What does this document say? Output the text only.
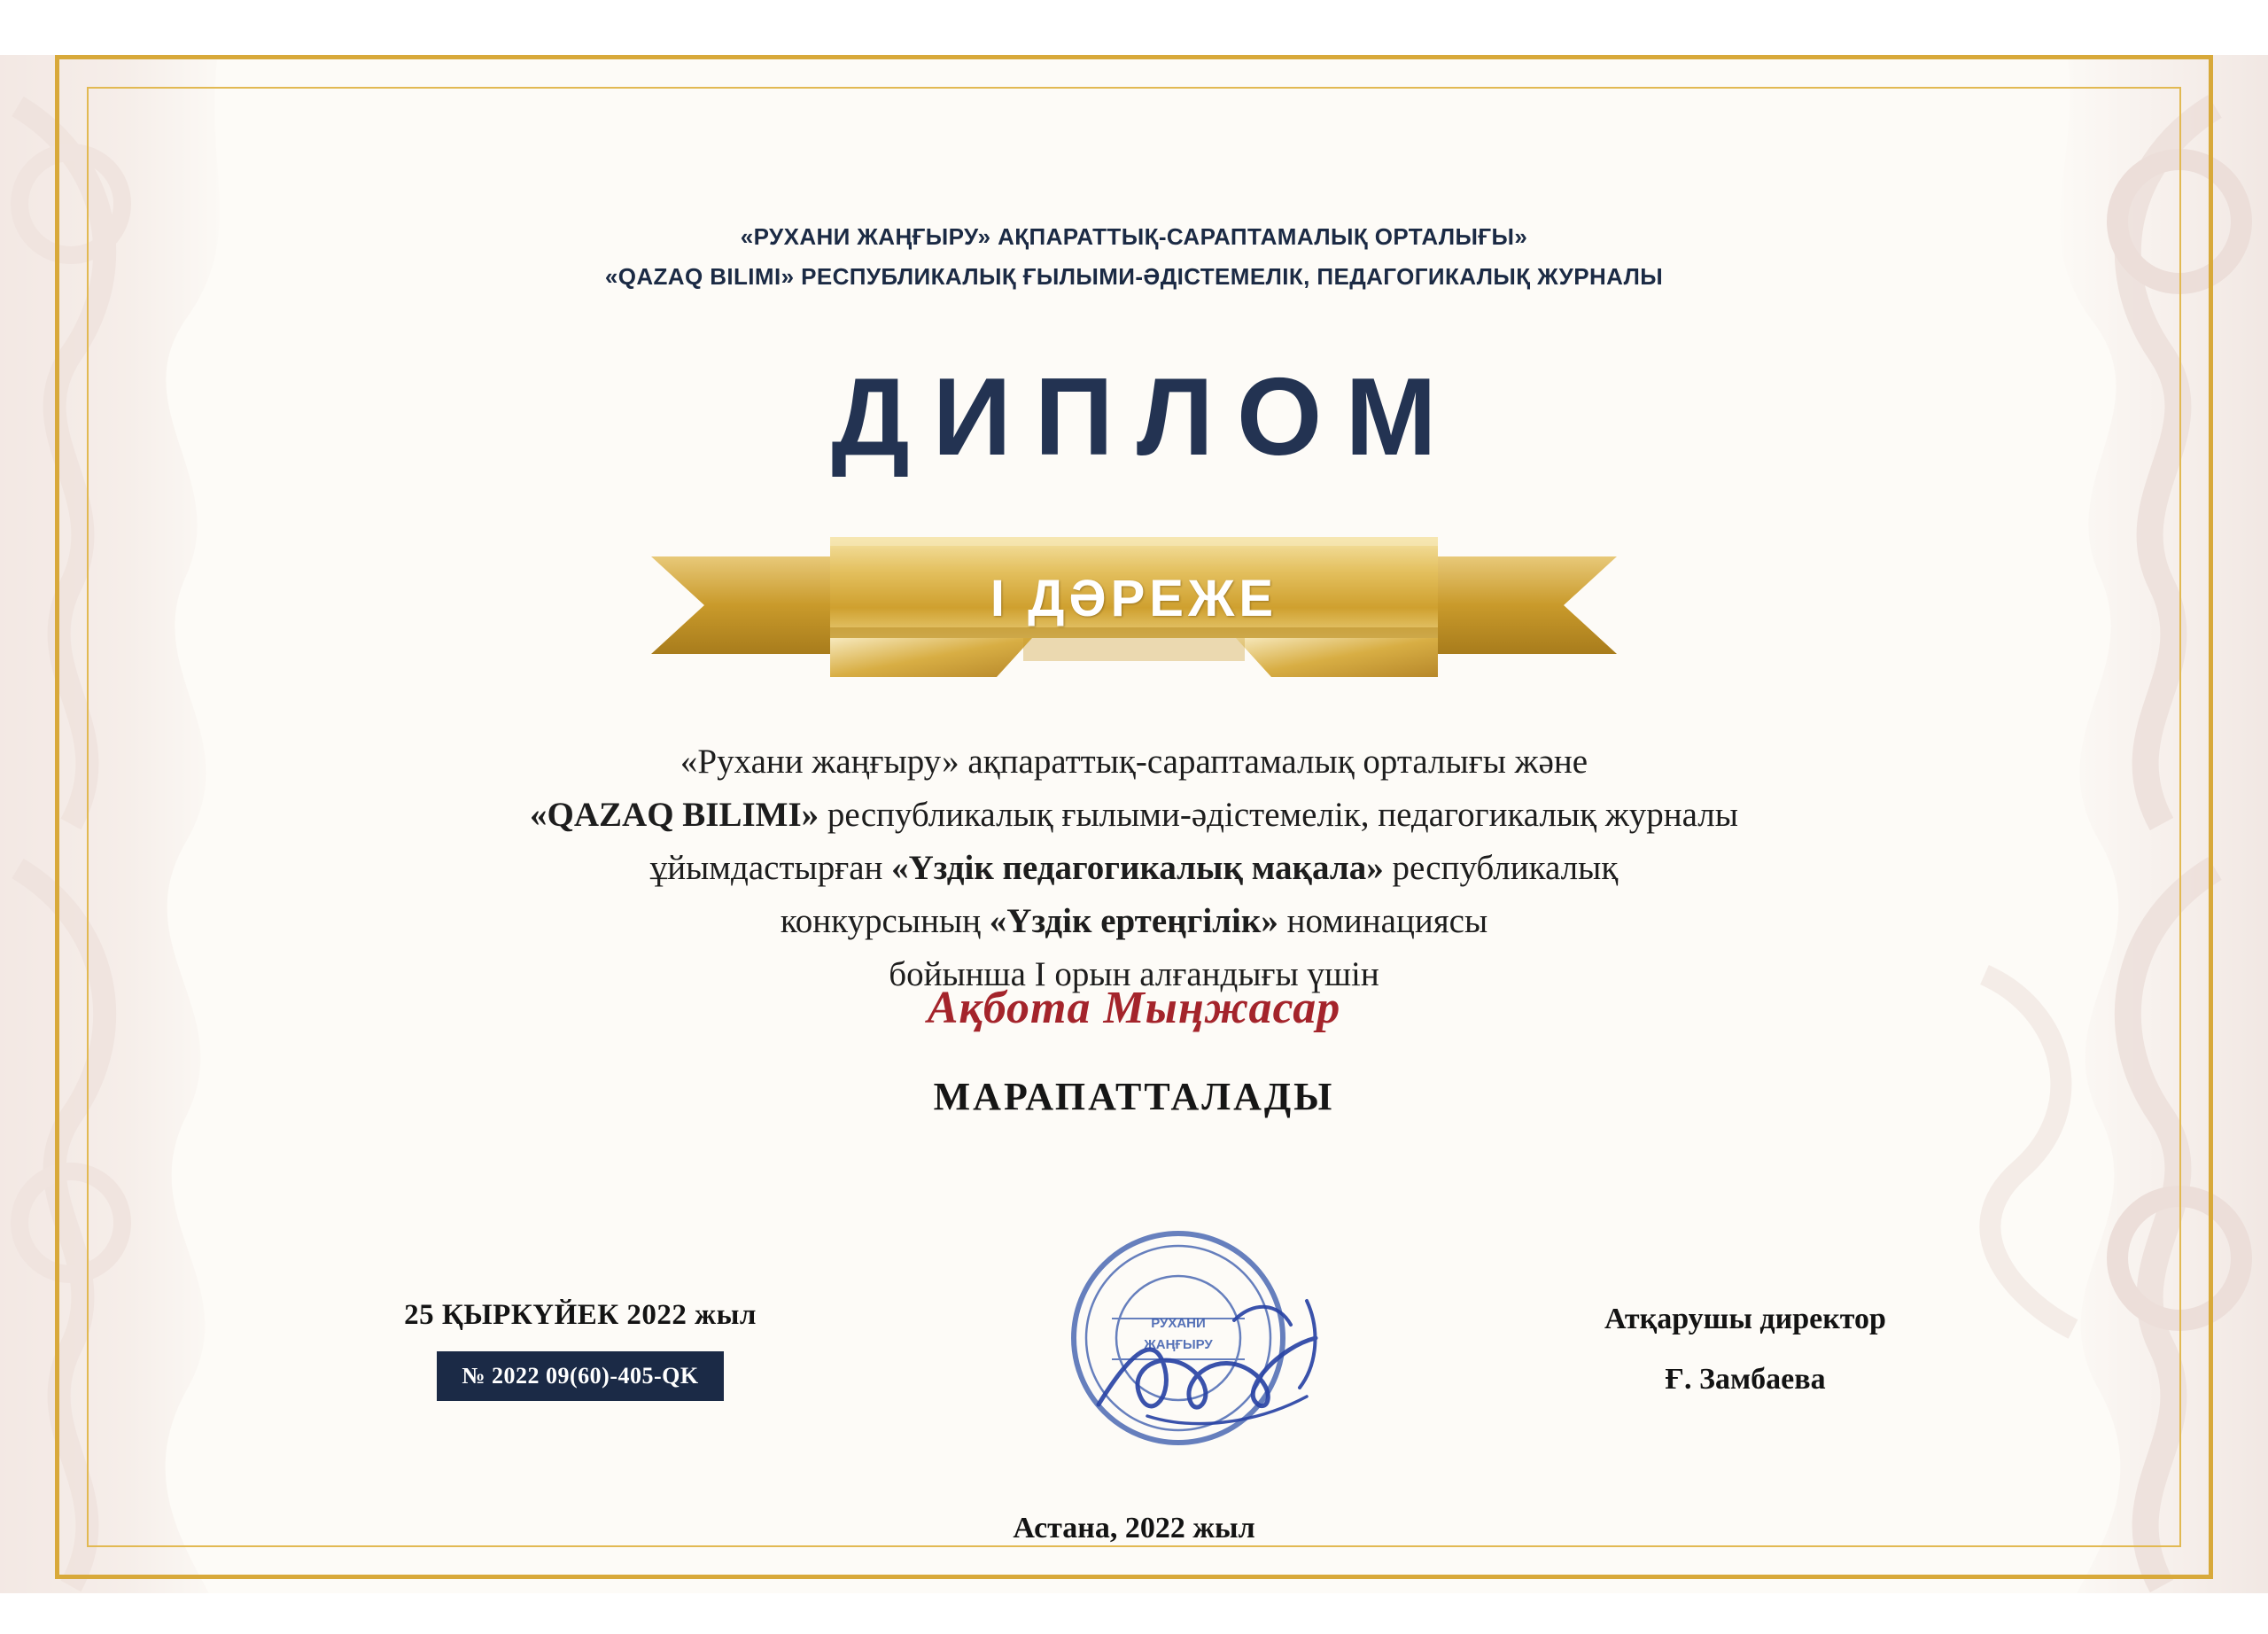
«РУХАНИ ЖАҢҒЫРУ» АҚПАРАТТЫҚ-САРАПТАМАЛЫҚ ОРТАЛЫҒЫ»
«QAZAQ BILIMI» РЕСПУБЛИКАЛЫҚ ҒЫЛЫМИ-ӘДІСТЕМЕЛІК, ПЕДАГОГИКАЛЫҚ ЖУРНАЛЫ
ДИПЛОМ
I ДӘРЕЖЕ
«Рухани жаңғыру» ақпараттық-сараптамалық орталығы және
«QAZAQ BILIMI» республикалық ғылыми-әдістемелік, педагогикалық журналы
ұйымдастырған «Үздік педагогикалық мақала» республикалық
конкурсының «Үздік ертеңгілік» номинациясы
бойынша I орын алғандығы үшін
Ақбота Мыңжасар
МАРАПАТТАЛАДЫ
РУХАНИ
ЖАҢҒЫРУ
25 ҚЫРКҮЙЕК 2022 жыл
№ 2022 09(60)-405-QK
Атқарушы директор
Ғ. Замбаева
Астана, 2022 жыл
